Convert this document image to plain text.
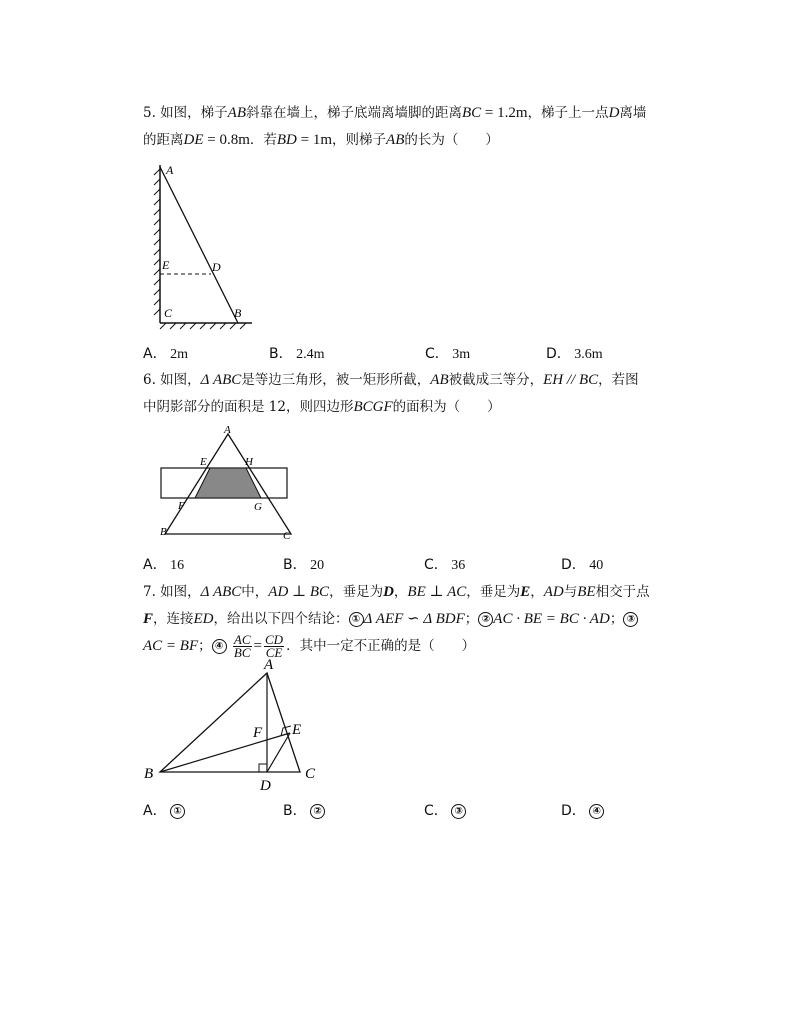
5. 如图，梯子AB斜靠在墙上，梯子底端离墙脚的距离BC = 1.2m，梯子上一点D离墙
的距离DE = 0.8m．若BD = 1m，则梯子AB的长为（　　）
A
E	D
C	B
A． 2m	B． 2.4m	C． 3m	D． 3.6m
6. 如图，Δ ABC是等边三角形，被一矩形所截，AB被截成三等分，EH // BC，若图
中阴影部分的面积是 12，则四边形BCGF的面积为（　　）
A
E	H
F	G
B	C
A． 16	B． 20	C． 36	D． 40
7. 如图，Δ ABC中，AD ⊥ BC，垂足为D，BE ⊥ AC，垂足为E，AD与BE相交于点
F，连接ED，给出以下四个结论： ① Δ AEF ∽ Δ BDF； ② AC · BE = BC · AD； ③
AC = BF； ④ $\frac{AC}{BC} = \frac{CD}{CE}$ ．其中一定不正确的是（　　）
A
F E
B
D
C
A． ①	B． ②	C． ③	D． ④
